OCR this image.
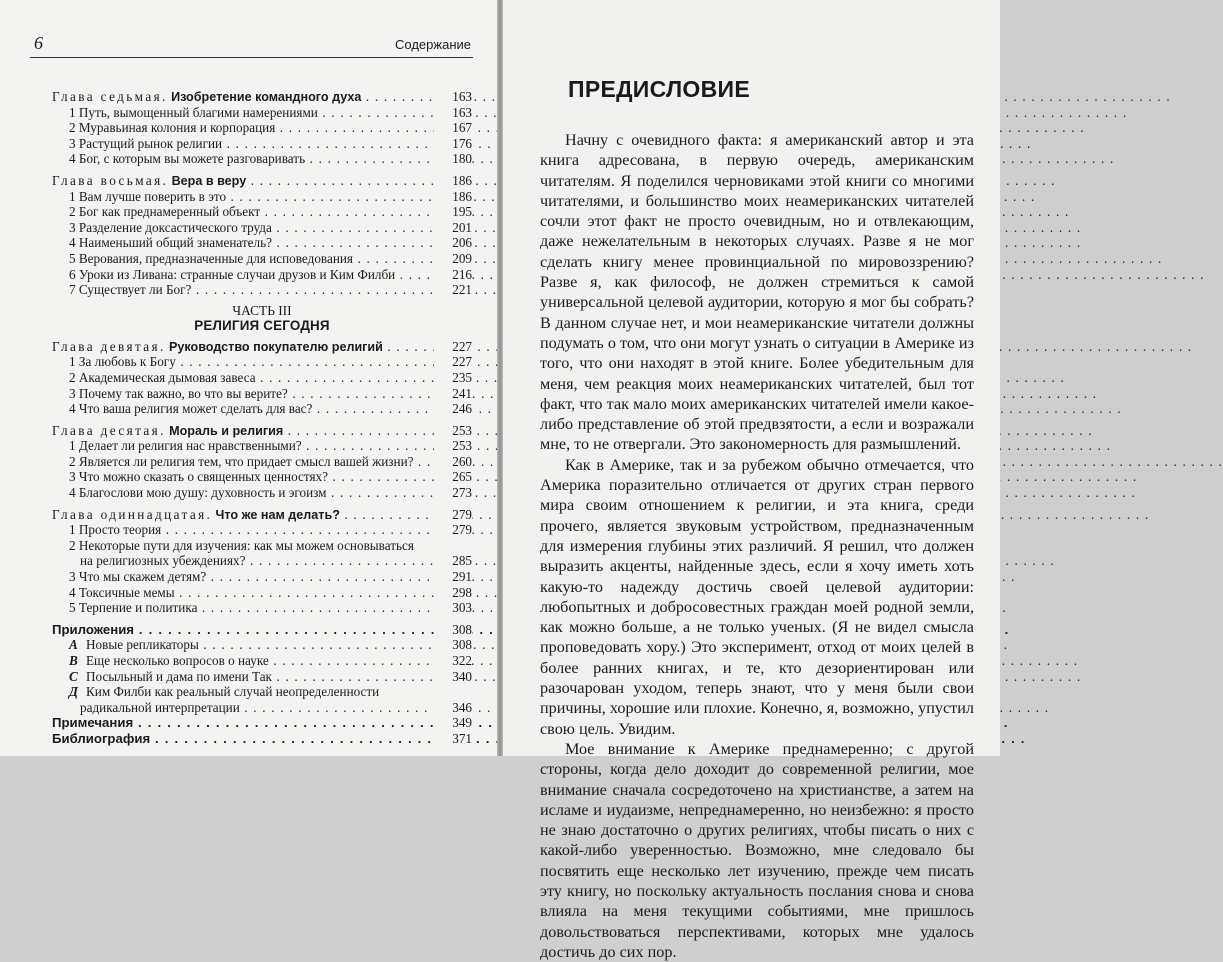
6	Содержание
Глава седьмая. Изобретение командного духа . . .	163
1 Путь, вымощенный благими намерениями . . .	163
2 Муравьиная колония и корпорация . . .	167
3 Растущий рынок религии . . .	176
4 Бог, с которым вы можете разговаривать . . .	180
Глава восьмая. Вера в веру . . .	186
1 Вам лучше поверить в это . . .	186
2 Бог как преднамеренный объект . . .	195
3 Разделение доксастического труда . . .	201
4 Наименьший общий знаменатель? . . .	206
5 Верования, предназначенные для исповедования . . .	209
6 Уроки из Ливана: странные случаи друзов и Ким Филби . . .	216
7 Существует ли Бог? . . .	221
ЧАСТЬ III
РЕЛИГИЯ СЕГОДНЯ
Глава девятая. Руководство покупателю религий . . .	227
1 За любовь к Богу . . .	227
2 Академическая дымовая завеса . . .	235
3 Почему так важно, во что вы верите? . . .	241
4 Что ваша религия может сделать для вас? . . .	246
Глава десятая. Мораль и религия . . .	253
1 Делает ли религия нас нравственными? . . .	253
2 Является ли религия тем, что придает смысл вашей жизни? . . .	260
3 Что можно сказать о священных ценностях? . . .	265
4 Благослови мою душу: духовность и эгоизм . . .	273
Глава одиннадцатая. Что же нам делать? . . .	279
1 Просто теория . . .	279
2 Некоторые пути для изучения: как мы можем основываться
на религиозных убеждениях? . . .	285
3 Что мы скажем детям? . . .	291
4 Токсичные мемы . . .	298
5 Терпение и политика . . .	303
Приложения . . .	308
А Новые репликаторы . . .	308
В Еще несколько вопросов о науке . . .	322
С Посыльный и дама по имени Так . . .	340
Д Ким Филби как реальный случай неопределенности
радикальной интерпретации . . .	346
Примечания . . .	349
Библиография . . .	371
ПРЕДИСЛОВИЕ

Начну с очевидного факта: я американский автор и эта книга адресована, в первую очередь, американским читателям. Я поделился черновиками этой книги со многими читателями, и большинство моих неамериканских читателей сочли этот факт не просто очевидным, но и отвлекающим, даже нежелательным в некоторых случаях. Разве я не мог сделать книгу менее провинциальной по мировоззрению? Разве я, как философ, не должен стремиться к самой универсальной целевой аудитории, которую я мог бы собрать? В данном случае нет, и мои неамериканские читатели должны подумать о том, что они могут узнать о ситуации в Америке из того, что они находят в этой книге. Более убедительным для меня, чем реакция моих неамериканских читателей, был тот факт, что так мало моих американских читателей имели какое-либо представление об этой предвзятости, а если и возражали мне, то не отвергали. Это закономерность для размышлений.

Как в Америке, так и за рубежом обычно отмечается, что Америка поразительно отличается от других стран первого мира своим отношением к религии, и эта книга, среди прочего, является звуковым устройством, предназначенным для измерения глубины этих различий. Я решил, что должен выразить акценты, найденные здесь, если я хочу иметь хоть какую-то надежду достичь своей целевой аудитории: любопытных и добросовестных граждан моей родной земли, как можно больше, а не только ученых. (Я не видел смысла проповедовать хору.) Это эксперимент, отход от моих целей в более ранних книгах, и те, кто дезориентирован или разочарован уходом, теперь знают, что у меня были свои причины, хорошие или плохие. Конечно, я, возможно, упустил свою цель. Увидим.

Мое внимание к Америке преднамеренно; с другой стороны, когда дело доходит до современной религии, мое внимание сначала сосредоточено на христианстве, а затем на исламе и иудаизме, непреднамеренно, но неизбежно: я просто не знаю достаточно о других религиях, чтобы писать о них с какой-либо уверенностью. Возможно, мне следовало бы посвятить еще несколько лет изучению, прежде чем писать эту книгу, но поскольку актуальность послания снова и снова влияла на меня текущими событиями, мне пришлось довольствоваться перспективами, которых мне удалось достичь до сих пор.
